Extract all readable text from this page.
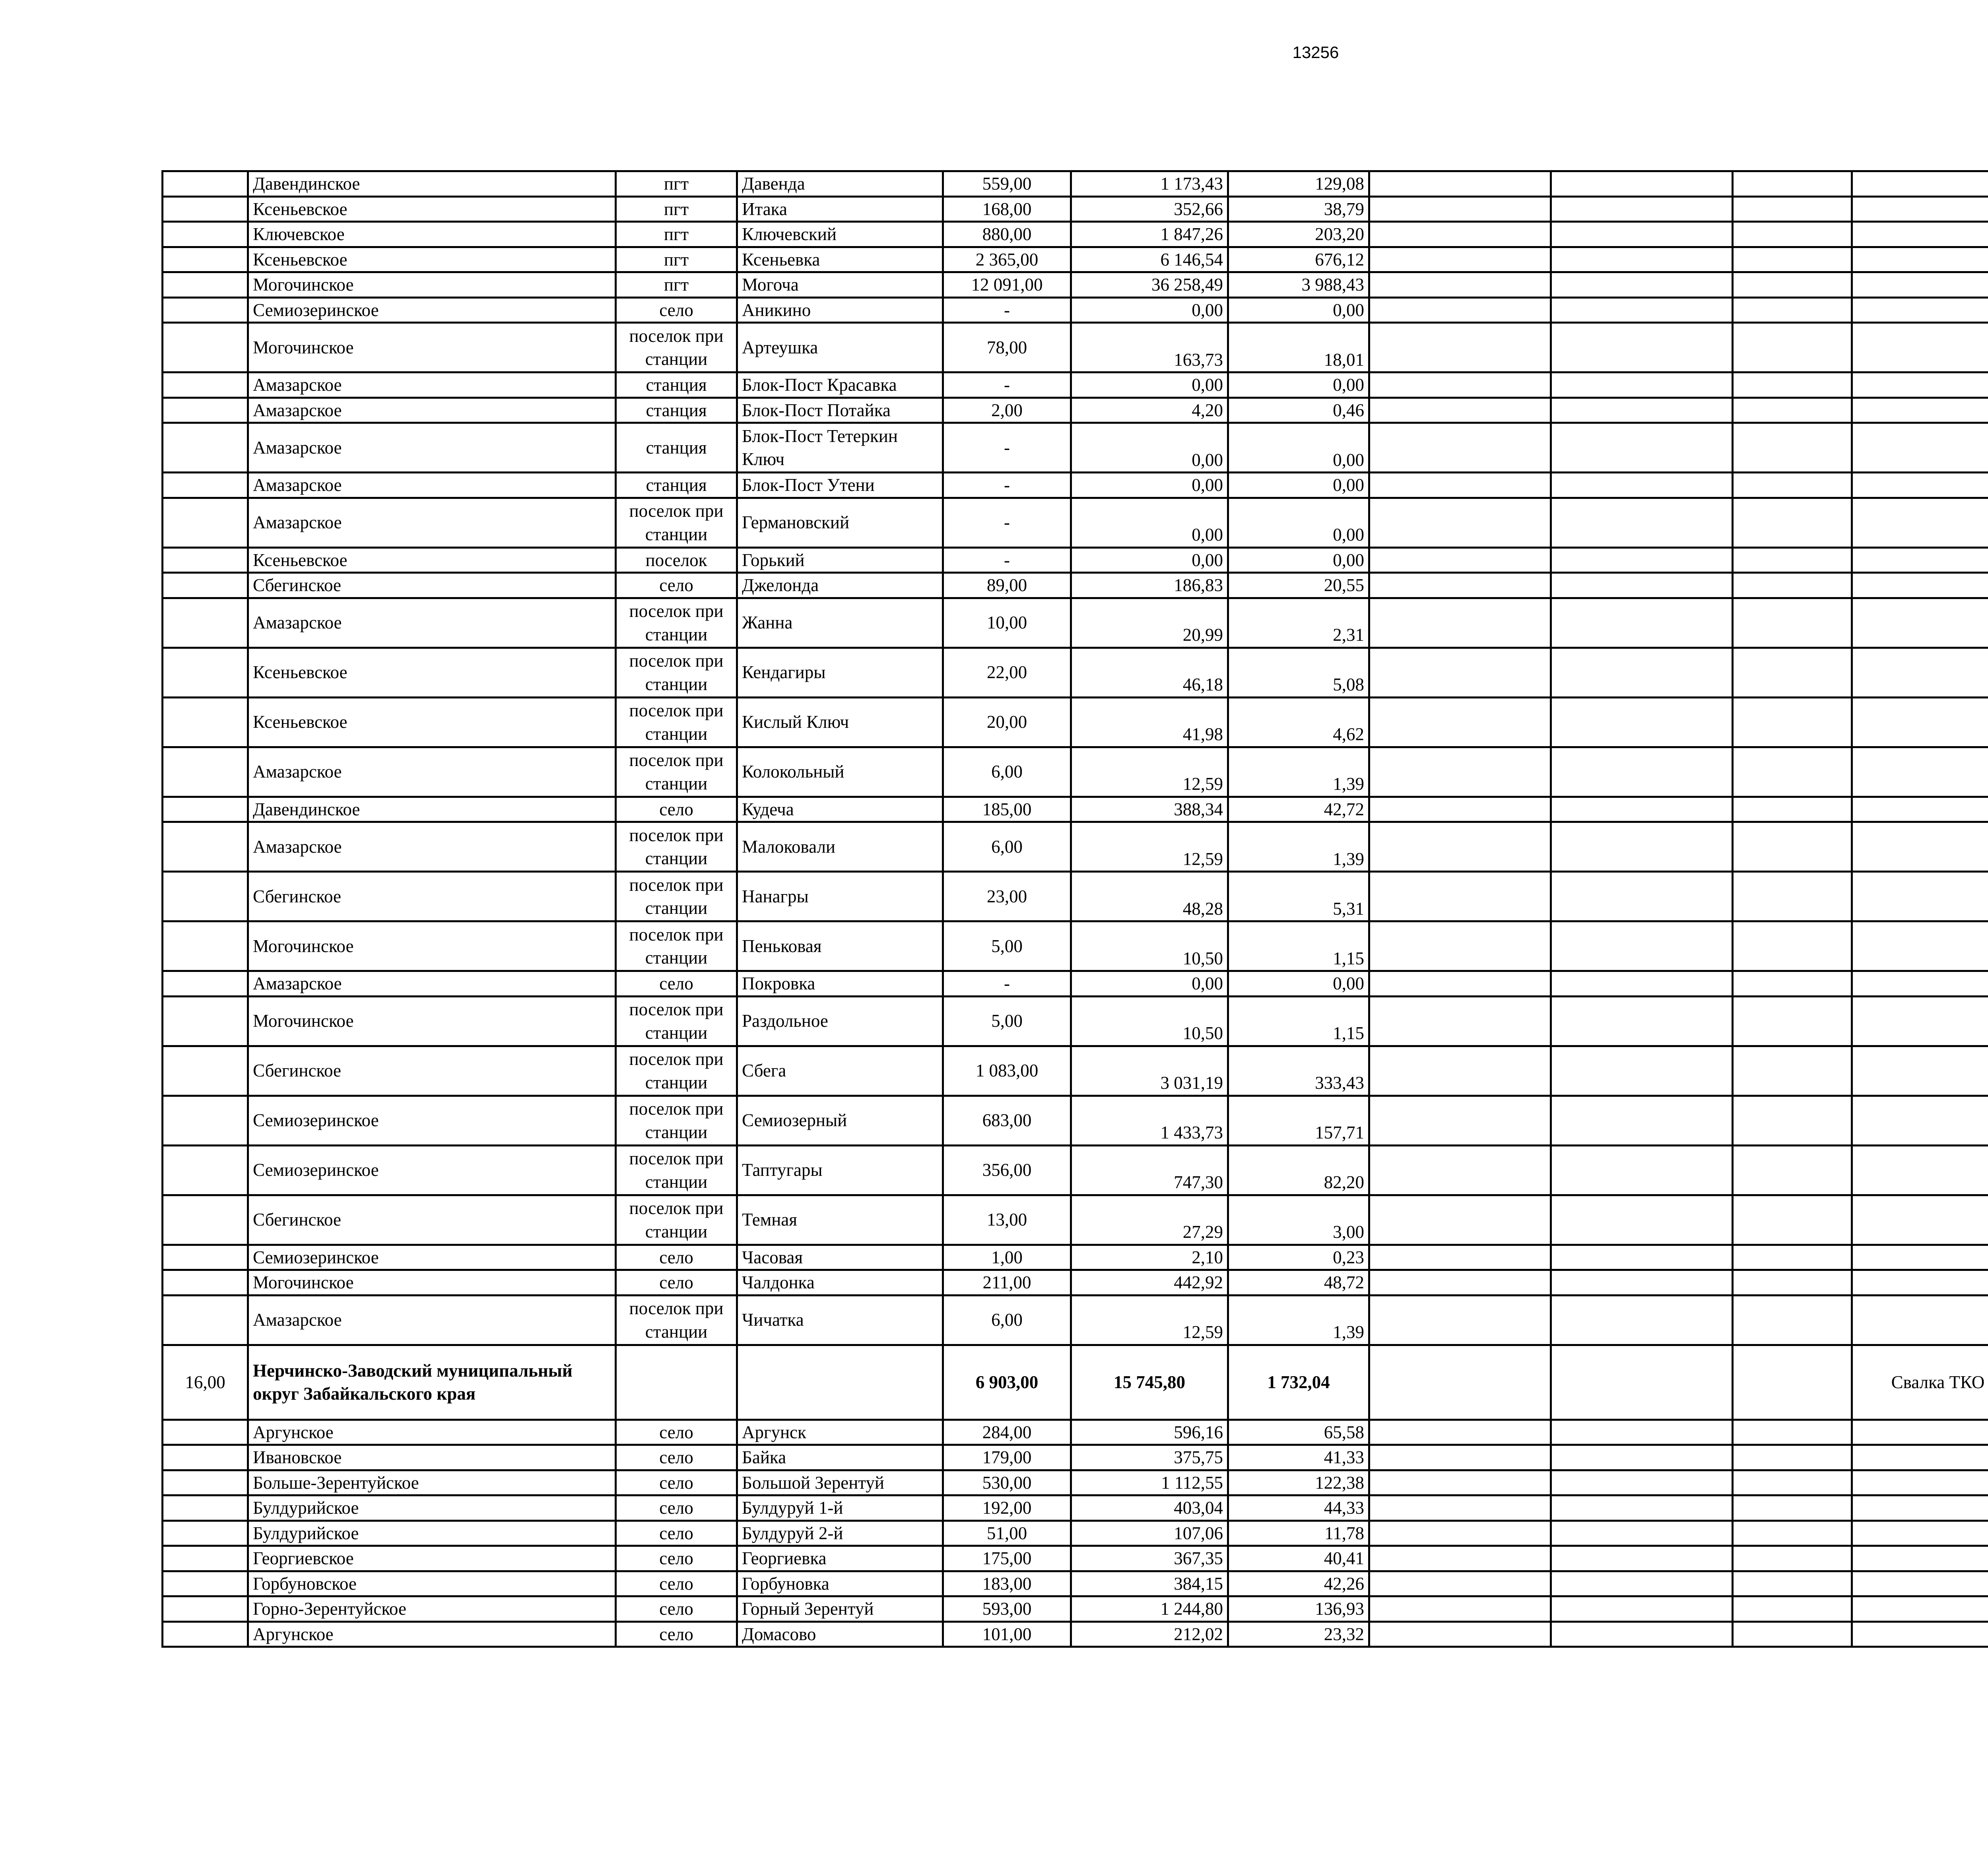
13256
	Давендинское	пгт	Давенда	559,00	1 173,43	129,08						
	Ксеньевское	пгт	Итака	168,00	352,66	38,79						
	Ключевское	пгт	Ключевский	880,00	1 847,26	203,20						
	Ксеньевское	пгт	Ксеньевка	2 365,00	6 146,54	676,12						
	Могочинское	пгт	Могоча	12 091,00	36 258,49	3 988,43						
	Семиозеринское	село	Аникино	-	0,00	0,00						
	Могочинское	поселок при станции	Артеушка	78,00	163,73	18,01						
	Амазарское	станция	Блок-Пост Красавка	-	0,00	0,00						
	Амазарское	станция	Блок-Пост Потайка	2,00	4,20	0,46						
	Амазарское	станция	Блок-Пост Тетеркин Ключ	-	0,00	0,00						
	Амазарское	станция	Блок-Пост Утени	-	0,00	0,00						
	Амазарское	поселок при станции	Германовский	-	0,00	0,00						
	Ксеньевское	поселок	Горький	-	0,00	0,00						
	Сбегинское	село	Джелонда	89,00	186,83	20,55						
	Амазарское	поселок при станции	Жанна	10,00	20,99	2,31						
	Ксеньевское	поселок при станции	Кендагиры	22,00	46,18	5,08						
	Ксеньевское	поселок при станции	Кислый Ключ	20,00	41,98	4,62						
	Амазарское	поселок при станции	Колокольный	6,00	12,59	1,39						
	Давендинское	село	Кудеча	185,00	388,34	42,72						
	Амазарское	поселок при станции	Малоковали	6,00	12,59	1,39						
	Сбегинское	поселок при станции	Нанагры	23,00	48,28	5,31						
	Могочинское	поселок при станции	Пеньковая	5,00	10,50	1,15						
	Амазарское	село	Покровка	-	0,00	0,00						
	Могочинское	поселок при станции	Раздольное	5,00	10,50	1,15						
	Сбегинское	поселок при станции	Сбега	1 083,00	3 031,19	333,43						
	Семиозеринское	поселок при станции	Семиозерный	683,00	1 433,73	157,71						
	Семиозеринское	поселок при станции	Таптугары	356,00	747,30	82,20						
	Сбегинское	поселок при станции	Темная	13,00	27,29	3,00						
	Семиозеринское	село	Часовая	1,00	2,10	0,23						
	Могочинское	село	Чалдонка	211,00	442,92	48,72						
	Амазарское	поселок при станции	Чичатка	6,00	12,59	1,39						
16,00	Нерчинско-Заводский муниципальный округ Забайкальского края			6 903,00	15 745,80	1 732,04				Свалка ТКО		
	Аргунское	село	Аргунск	284,00	596,16	65,58						
	Ивановское	село	Байка	179,00	375,75	41,33						
	Больше-Зерентуйское	село	Большой Зерентуй	530,00	1 112,55	122,38						
	Булдурийское	село	Булдуруй 1-й	192,00	403,04	44,33						
	Булдурийское	село	Булдуруй 2-й	51,00	107,06	11,78						
	Георгиевское	село	Георгиевка	175,00	367,35	40,41						
	Горбуновское	село	Горбуновка	183,00	384,15	42,26						
	Горно-Зерентуйское	село	Горный Зерентуй	593,00	1 244,80	136,93						
	Аргунское	село	Домасово	101,00	212,02	23,32						
